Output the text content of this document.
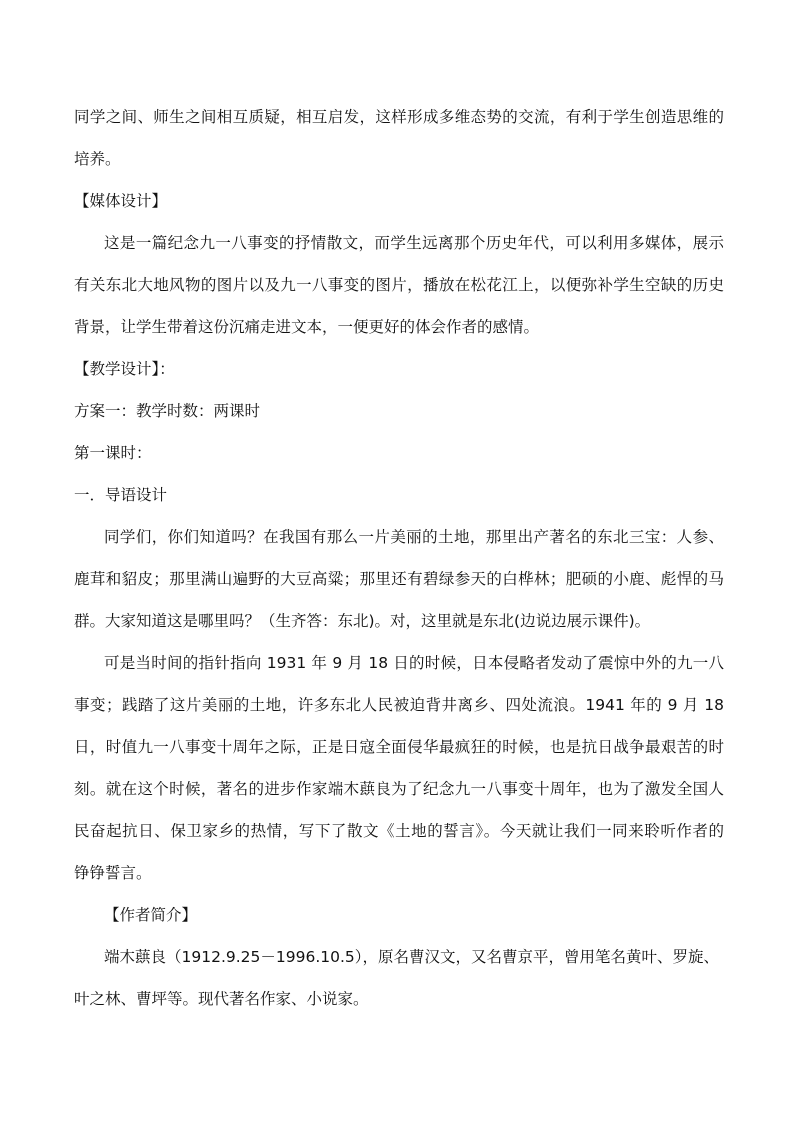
同学之间、师生之间相互质疑，相互启发，这样形成多维态势的交流，有利于学生创造思维的
培养。
【媒体设计】
这是一篇纪念九一八事变的抒情散文，而学生远离那个历史年代，可以利用多媒体，展示
有关东北大地风物的图片以及九一八事变的图片，播放在松花江上，以便弥补学生空缺的历史
背景，让学生带着这份沉痛走进文本，一便更好的体会作者的感情。
【教学设计】：
方案一：教学时数：两课时
第一课时：
一．导语设计
同学们，你们知道吗？在我国有那么一片美丽的土地，那里出产著名的东北三宝：人参、
鹿茸和貂皮；那里满山遍野的大豆高粱；那里还有碧绿参天的白桦林；肥硕的小鹿、彪悍的马
群。大家知道这是哪里吗？（生齐答：东北)。对，这里就是东北(边说边展示课件)。
可是当时间的指针指向 1931 年 9 月 18 日的时候，日本侵略者发动了震惊中外的九一八
事变；践踏了这片美丽的土地，许多东北人民被迫背井离乡、四处流浪。1941 年的 9 月 18
日，时值九一八事变十周年之际，正是日寇全面侵华最疯狂的时候，也是抗日战争最艰苦的时
刻。就在这个时候，著名的进步作家端木蕻良为了纪念九一八事变十周年，也为了激发全国人
民奋起抗日、保卫家乡的热情，写下了散文《土地的誓言》。今天就让我们一同来聆听作者的
铮铮誓言。
【作者简介】
端木蕻良（1912.9.25－1996.10.5），原名曹汉文，又名曹京平，曾用笔名黄叶、罗旋、
叶之林、曹坪等。现代著名作家、小说家。
